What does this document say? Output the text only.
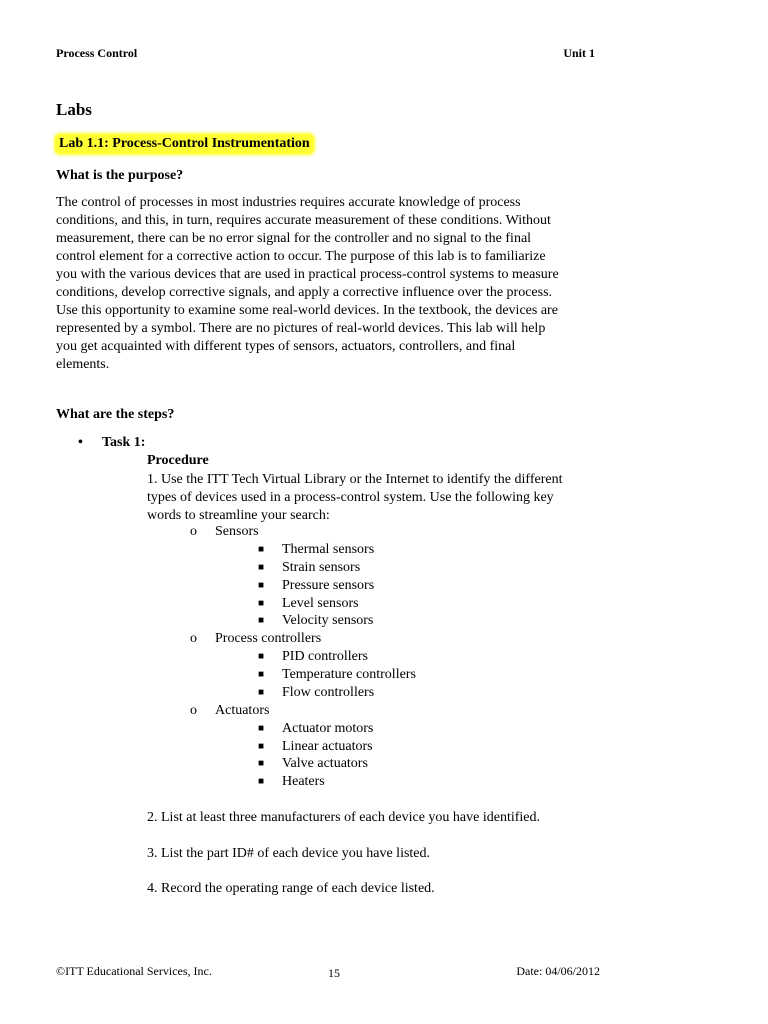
Process Control	Unit 1
Labs
Lab 1.1: Process-Control Instrumentation
What is the purpose?
The control of processes in most industries requires accurate knowledge of process
conditions, and this, in turn, requires accurate measurement of these conditions. Without
measurement, there can be no error signal for the controller and no signal to the final
control element for a corrective action to occur. The purpose of this lab is to familiarize
you with the various devices that are used in practical process-control systems to measure
conditions, develop corrective signals, and apply a corrective influence over the process.
Use this opportunity to examine some real-world devices. In the textbook, the devices are
represented by a symbol. There are no pictures of real-world devices. This lab will help
you get acquainted with different types of sensors, actuators, controllers, and final
elements.
What are the steps?
• Task 1:
Procedure
1. Use the ITT Tech Virtual Library or the Internet to identify the different
types of devices used in a process-control system. Use the following key
words to streamline your search:
o Sensors
■ Thermal sensors
■ Strain sensors
■ Pressure sensors
■ Level sensors
■ Velocity sensors
o Process controllers
■ PID controllers
■ Temperature controllers
■ Flow controllers
o Actuators
■ Actuator motors
■ Linear actuators
■ Valve actuators
■ Heaters
2. List at least three manufacturers of each device you have identified.
3. List the part ID# of each device you have listed.
4. Record the operating range of each device listed.
©ITT Educational Services, Inc.	15	Date: 04/06/2012
